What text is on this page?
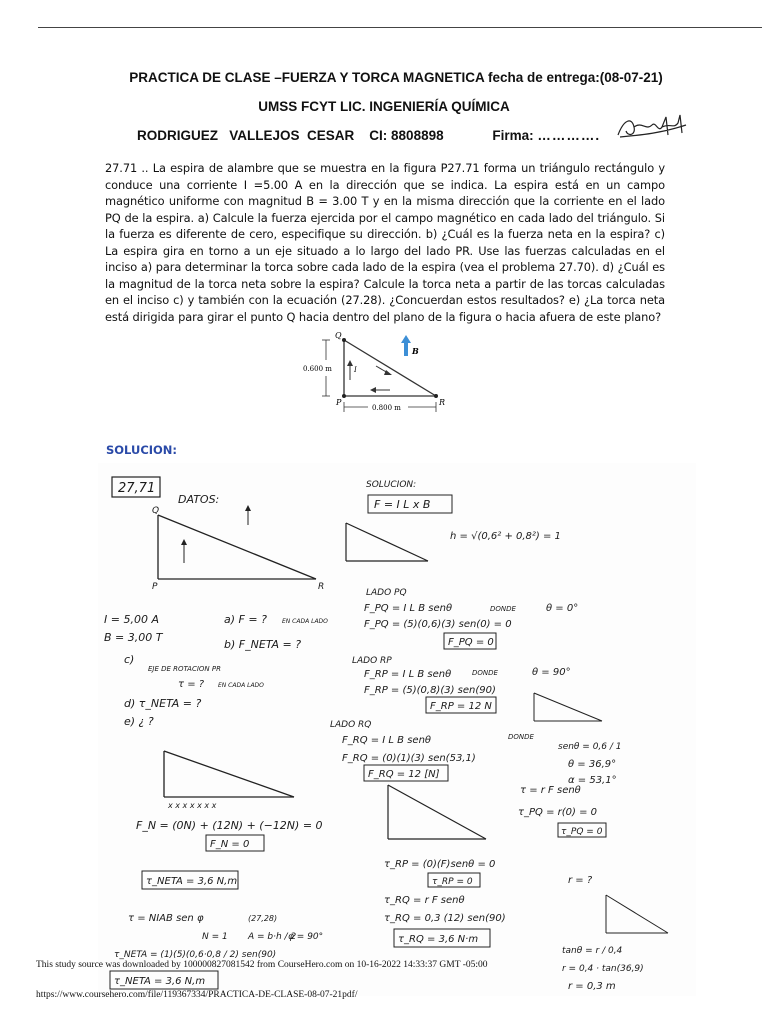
PRACTICA DE CLASE –FUERZA Y TORCA MAGNETICA fecha de entrega:(08-07-21)
UMSS FCYT LIC. INGENIERÍA QUÍMICA
RODRIGUEZ   VALLEJOS  CESAR CI: 8808898	Firma: ………….
27.71 .. La espira de alambre que se muestra en la figura P27.71 forma un triángulo rectángulo y conduce una corriente I =5.00 A en la dirección que se indica. La espira está en un campo magnético uniforme con magnitud B = 3.00 T y en la misma dirección que la corriente en el lado PQ de la espira. a) Calcule la fuerza ejercida por el campo magnético en cada lado del triángulo. Si la fuerza es diferente de cero, especifique su dirección. b) ¿Cuál es la fuerza neta en la espira? c) La espira gira en torno a un eje situado a lo largo del lado PR. Use las fuerzas calculadas en el inciso a) para determinar la torca sobre cada lado de la espira (vea el problema 27.70). d) ¿Cuál es la magnitud de la torca neta sobre la espira? Calcule la torca neta a partir de las torcas calculadas en el inciso c) y también con la ecuación (27.28). ¿Concuerdan estos resultados? e) ¿La torca neta está dirigida para girar el punto Q hacia dentro del plano de la figura o hacia afuera de este plano?
Q
P	R
0.600 m
0.800 m
B
I
SOLUCION:
27,71
DATOS:
Q
P	R
I = 5,00 A
B = 3,00 T
a) F = ?	EN CADA LADO
b) F_NETA = ?
c)
EJE DE ROTACION PR
τ = ? EN CADA LADO
d) τ_NETA = ?
e) ¿ ?
x x x x x x x
F_N = (0N) + (12N) + (−12N) = 0
F_N = 0
τ_NETA = 3,6 N,m
τ = NIAB sen φ	(27,28)
N = 1 A = b·h / 2
φ = 90°
τ_NETA = (1)(5)(0,6·0,8 / 2) sen(90)
τ_NETA = 3,6 N,m
SOLUCION:
F = I L x B
h = √(0,6² + 0,8²) = 1
LADO PQ
F_PQ = I L B senθ	DONDE	θ = 0°
F_PQ = (5)(0,6)(3) sen(0) = 0
F_PQ = 0
LADO RP
F_RP = I L B senθ	DONDE	θ = 90°
F_RP = (5)(0,8)(3) sen(90)
F_RP = 12 N
LADO RQ
F_RQ = I L B senθ	DONDE
senθ = 0,6 / 1
F_RQ = (0)(1)(3) sen(53,1)
θ = 36,9°
F_RQ = 12 [N]
α = 53,1°
τ = r F senθ
τ_PQ = r(0) = 0
τ_PQ = 0
τ_RP = (0)(F)senθ = 0
τ_RP = 0
τ_RQ = r F senθ
τ_RQ = 0,3 (12) sen(90)
τ_RQ = 3,6 N·m
r = ?
tanθ = r / 0,4
r = 0,4 · tan(36,9)
r = 0,3 m
This study source was downloaded by 100000827081542 from CourseHero.com on 10-16-2022 14:33:37 GMT -05:00
https://www.coursehero.com/file/119367334/PRACTICA-DE-CLASE-08-07-21pdf/
